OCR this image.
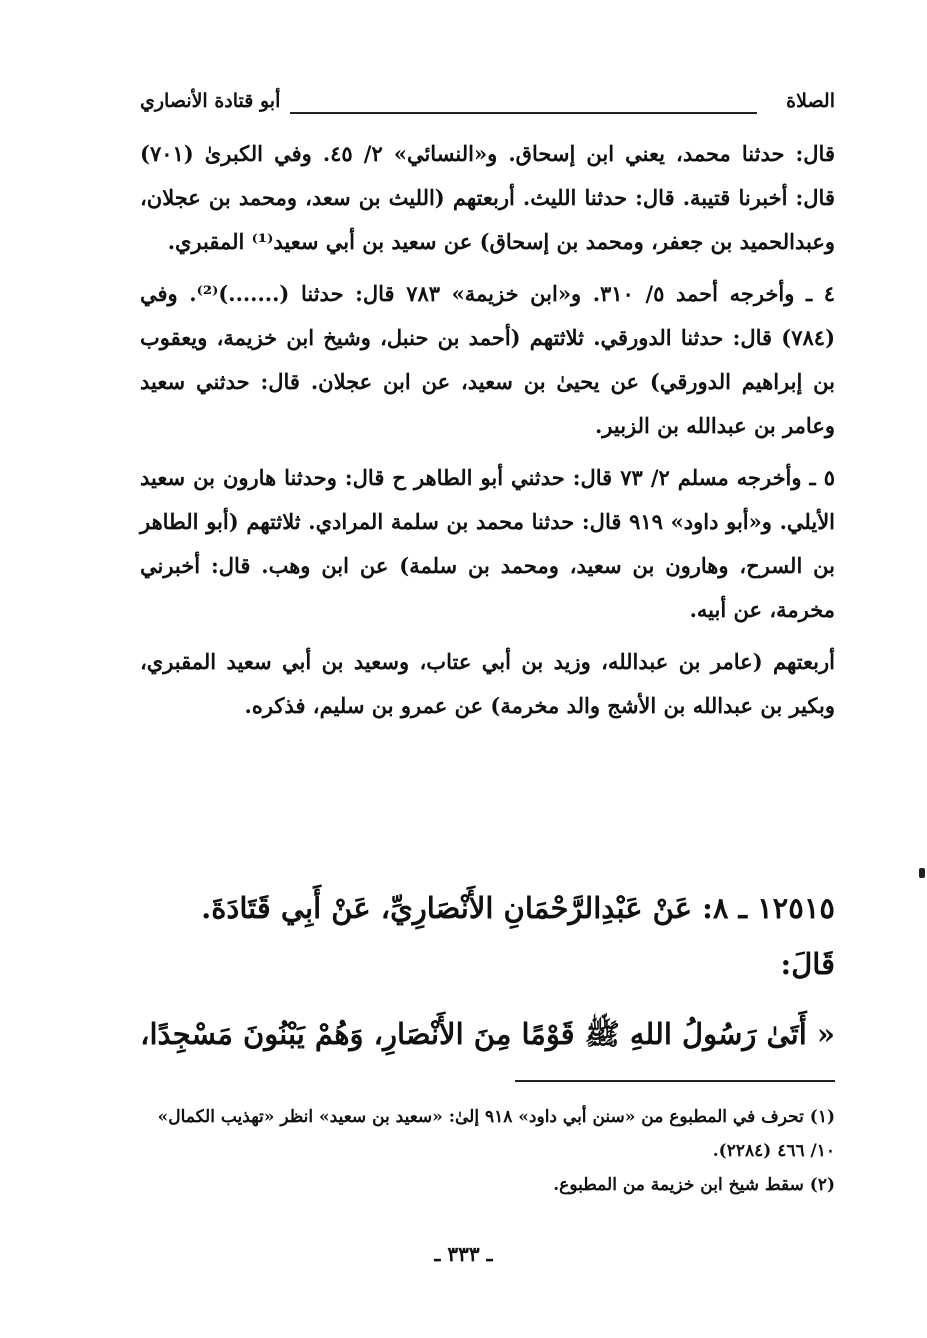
الصلاة
أبو قتادة الأنصاري

قال: حدثنا محمد، يعني ابن إسحاق. و«النسائي» ٢/ ٤٥. وفي الكبرىٰ (٧٠١) قال: أخبرنا قتيبة. قال: حدثنا الليث. أربعتهم (الليث بن سعد، ومحمد بن عجلان، وعبدالحميد بن جعفر، ومحمد بن إسحاق) عن سعيد بن أبي سعيد⁽¹⁾ المقبري.

٤ ـ وأخرجه أحمد ٥/ ٣١٠. و«ابن خزيمة» ٧٨٣ قال: حدثنا (.......)⁽²⁾. وفي (٧٨٤) قال: حدثنا الدورقي. ثلاثتهم (أحمد بن حنبل، وشيخ ابن خزيمة، ويعقوب بن إبراهيم الدورقي) عن يحيىٰ بن سعيد، عن ابن عجلان. قال: حدثني سعيد وعامر بن عبدالله بن الزبير.

٥ ـ وأخرجه مسلم ٢/ ٧٣ قال: حدثني أبو الطاهر ح قال: وحدثنا هارون بن سعيد الأيلي. و«أبو داود» ٩١٩ قال: حدثنا محمد بن سلمة المرادي. ثلاثتهم (أبو الطاهر بن السرح، وهارون بن سعيد، ومحمد بن سلمة) عن ابن وهب. قال: أخبرني مخرمة، عن أبيه.

أربعتهم (عامر بن عبدالله، وزيد بن أبي عتاب، وسعيد بن أبي سعيد المقبري، وبكير بن عبدالله بن الأشج والد مخرمة) عن عمرو بن سليم، فذكره.

١٢٥١٥ ـ ٨: عَنْ عَبْدِالرَّحْمَانِ الأَنْصَارِيِّ، عَنْ أَبِي قَتَادَةَ. قَالَ:

« أَتَىٰ رَسُولُ اللهِ ﷺ قَوْمًا مِنَ الأَنْصَارِ، وَهُمْ يَبْنُونَ مَسْجِدًا،

(١) تحرف في المطبوع من «سنن أبي داود» ٩١٨ إلىٰ: «سعيد بن سعيد» انظر «تهذيب الكمال» ١٠/ ٤٦٦ (٢٢٨٤).

(٢) سقط شيخ ابن خزيمة من المطبوع.

ـ ٣٣٣ ـ
